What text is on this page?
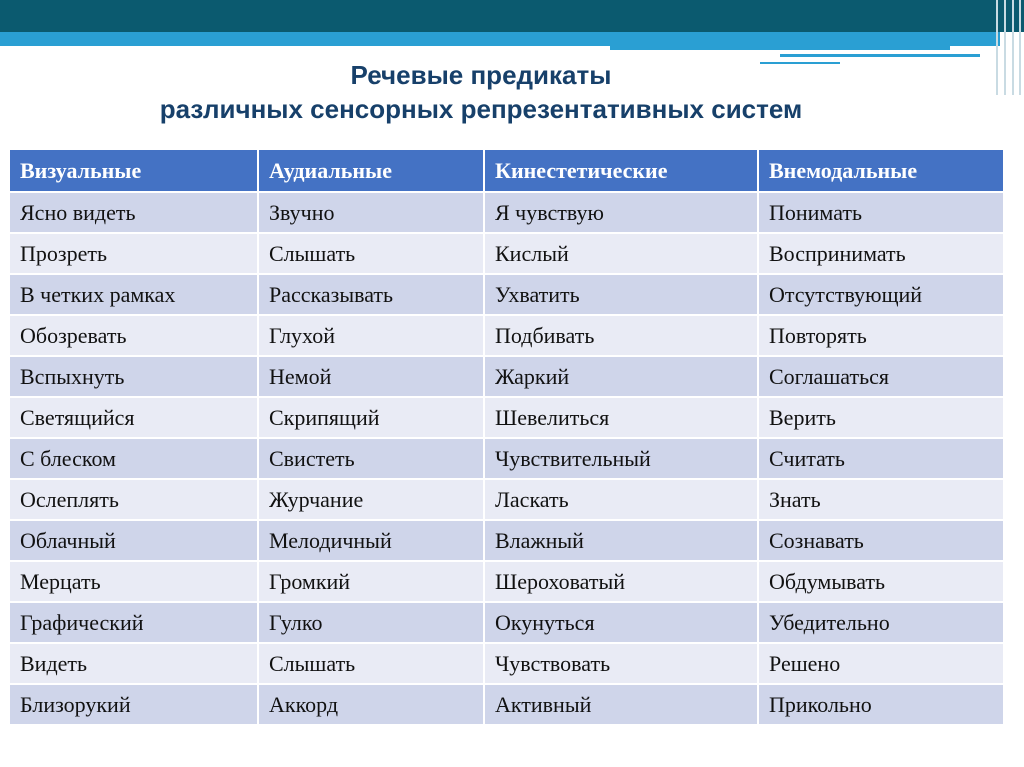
Речевые предикаты
различных сенсорных репрезентативных систем
Визуальные	Аудиальные	Кинестетические	Внемодальные
Ясно видеть	Звучно	Я чувствую	Понимать
Прозреть	Слышать	Кислый	Воспринимать
В четких рамках	Рассказывать	Ухватить	Отсутствующий
Обозревать	Глухой	Подбивать	Повторять
Вспыхнуть	Немой	Жаркий	Соглашаться
Светящийся	Скрипящий	Шевелиться	Верить
С блеском	Свистеть	Чувствительный	Считать
Ослеплять	Журчание	Ласкать	Знать
Облачный	Мелодичный	Влажный	Сознавать
Мерцать	Громкий	Шероховатый	Обдумывать
Графический	Гулко	Окунуться	Убедительно
Видеть	Слышать	Чувствовать	Решено
Близорукий	Аккорд	Активный	Прикольно
